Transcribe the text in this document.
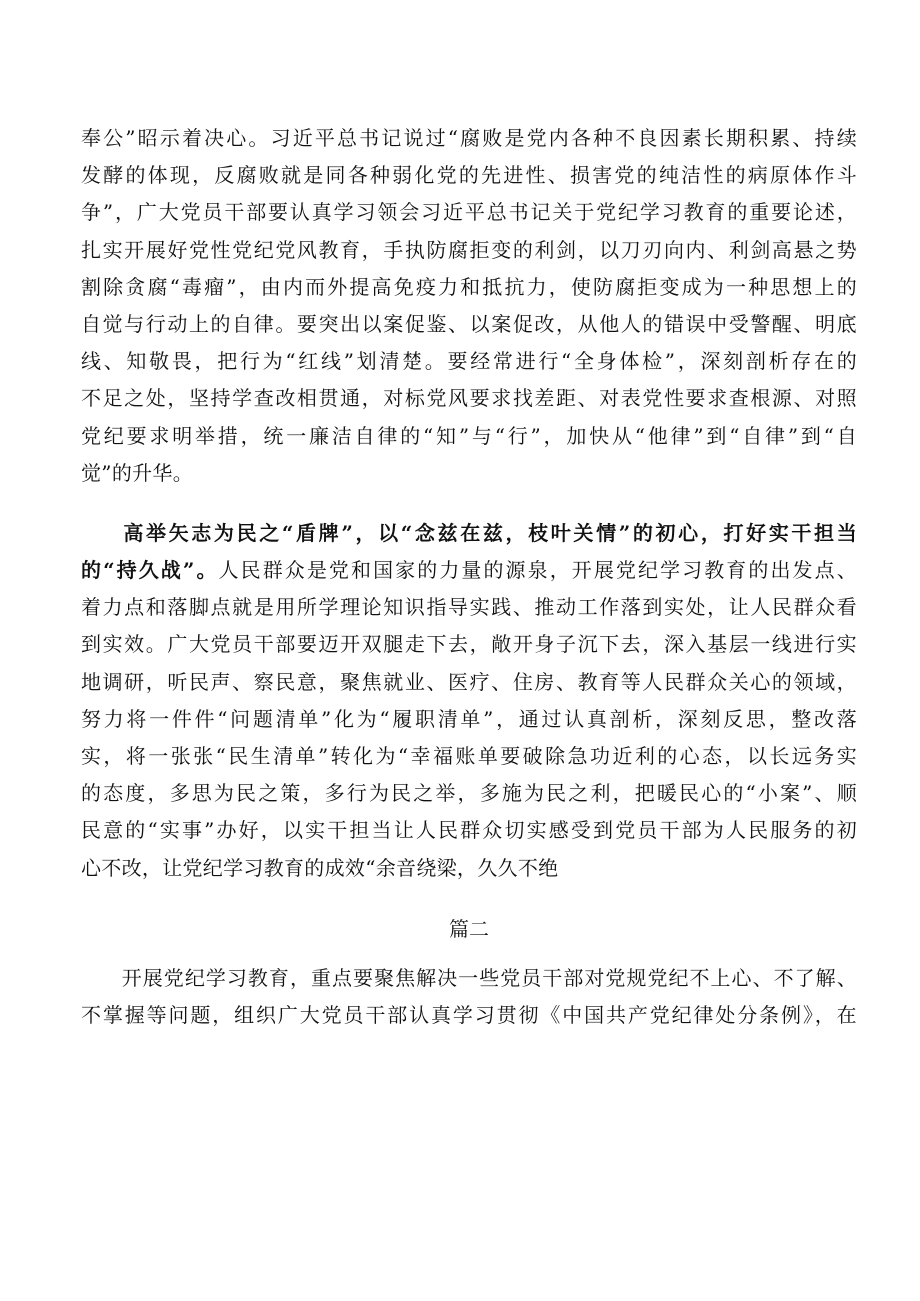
奉公”昭示着决心。习近平总书记说过“腐败是党内各种不良因素长期积累、持续
发酵的体现，反腐败就是同各种弱化党的先进性、损害党的纯洁性的病原体作斗
争”，广大党员干部要认真学习领会习近平总书记关于党纪学习教育的重要论述，
扎实开展好党性党纪党风教育，手执防腐拒变的利剑，以刀刃向内、利剑高悬之势
割除贪腐“毒瘤”，由内而外提高免疫力和抵抗力，使防腐拒变成为一种思想上的
自觉与行动上的自律。要突出以案促鉴、以案促改，从他人的错误中受警醒、明底
线、知敬畏，把行为“红线”划清楚。要经常进行“全身体检”，深刻剖析存在的
不足之处，坚持学查改相贯通，对标党风要求找差距、对表党性要求查根源、对照
党纪要求明举措，统一廉洁自律的“知”与“行”，加快从“他律”到“自律”到“自
觉”的升华。
高举矢志为民之“盾牌”，以“念兹在兹，枝叶关情”的初心，打好实干担当
的“持久战”。人民群众是党和国家的力量的源泉，开展党纪学习教育的出发点、
着力点和落脚点就是用所学理论知识指导实践、推动工作落到实处，让人民群众看
到实效。广大党员干部要迈开双腿走下去，敞开身子沉下去，深入基层一线进行实
地调研，听民声、察民意，聚焦就业、医疗、住房、教育等人民群众关心的领域，
努力将一件件“问题清单”化为“履职清单”，通过认真剖析，深刻反思，整改落
实，将一张张“民生清单”转化为“幸福账单要破除急功近利的心态，以长远务实
的态度，多思为民之策，多行为民之举，多施为民之利，把暖民心的“小案”、顺
民意的“实事”办好，以实干担当让人民群众切实感受到党员干部为人民服务的初
心不改，让党纪学习教育的成效“余音绕梁，久久不绝
篇二
开展党纪学习教育，重点要聚焦解决一些党员干部对党规党纪不上心、不了解、
不掌握等问题，组织广大党员干部认真学习贯彻《中国共产党纪律处分条例》，在
